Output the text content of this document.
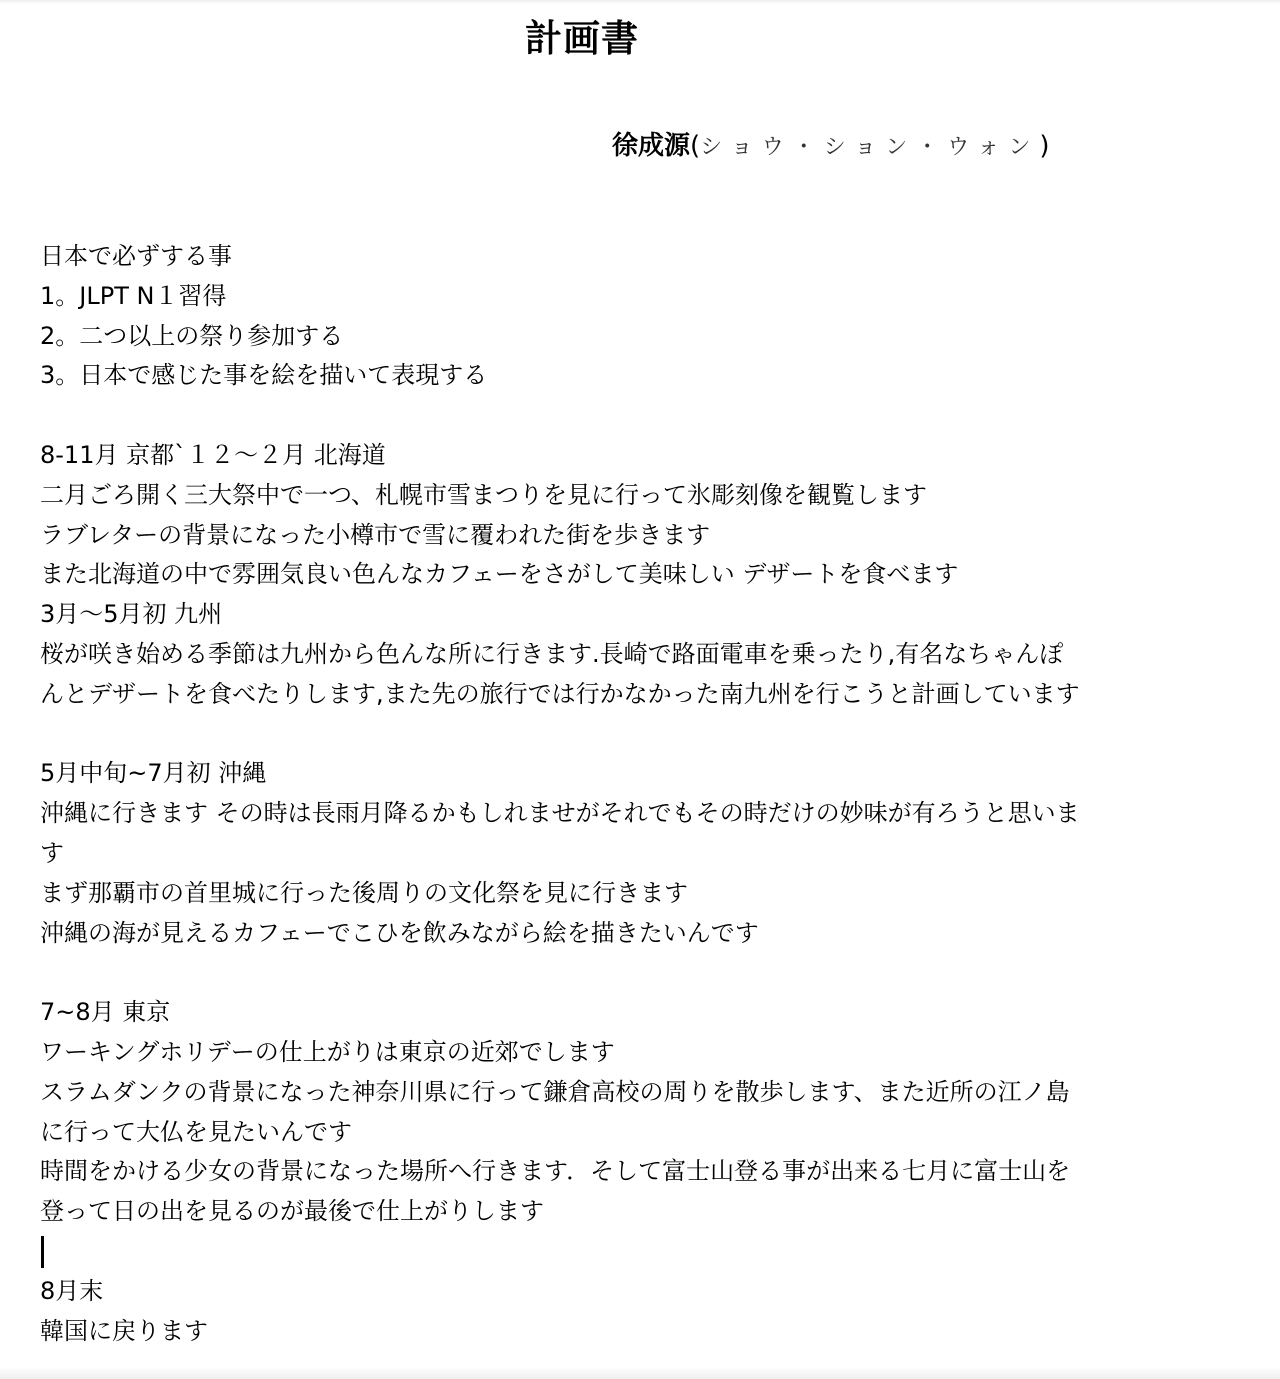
計画書
徐成源(ショウ・ション・ウォン)
日本で必ずする事
1。JLPT N１習得
2。二つ以上の祭り参加する
3。日本で感じた事を絵を描いて表現する
8-11月 京都`１２～２月 北海道
二月ごろ開く三大祭中で一つ、札幌市雪まつりを見に行って氷彫刻像を観覧します
ラブレターの背景になった小樽市で雪に覆われた街を歩きます
また北海道の中で雰囲気良い色んなカフェーをさがして美味しい デザートを食べます
3月～5月初 九州
桜が咲き始める季節は九州から色んな所に行きます.長崎で路面電車を乗ったり,有名なちゃんぽ
んとデザートを食べたりします,また先の旅行では行かなかった南九州を行こうと計画しています
5月中旬~7月初 沖縄
沖縄に行きます その時は長雨月降るかもしれませがそれでもその時だけの妙味が有ろうと思いま
す
まず那覇市の首里城に行った後周りの文化祭を見に行きます
沖縄の海が見えるカフェーでこひを飲みながら絵を描きたいんです
7~8月 東京
ワーキングホリデーの仕上がりは東京の近郊でします
スラムダンクの背景になった神奈川県に行って鎌倉高校の周りを散歩します、また近所の江ノ島
に行って大仏を見たいんです
時間をかける少女の背景になった場所へ行きます．そして富士山登る事が出来る七月に富士山を
登って日の出を見るのが最後で仕上がりします
8月末
韓国に戻ります
